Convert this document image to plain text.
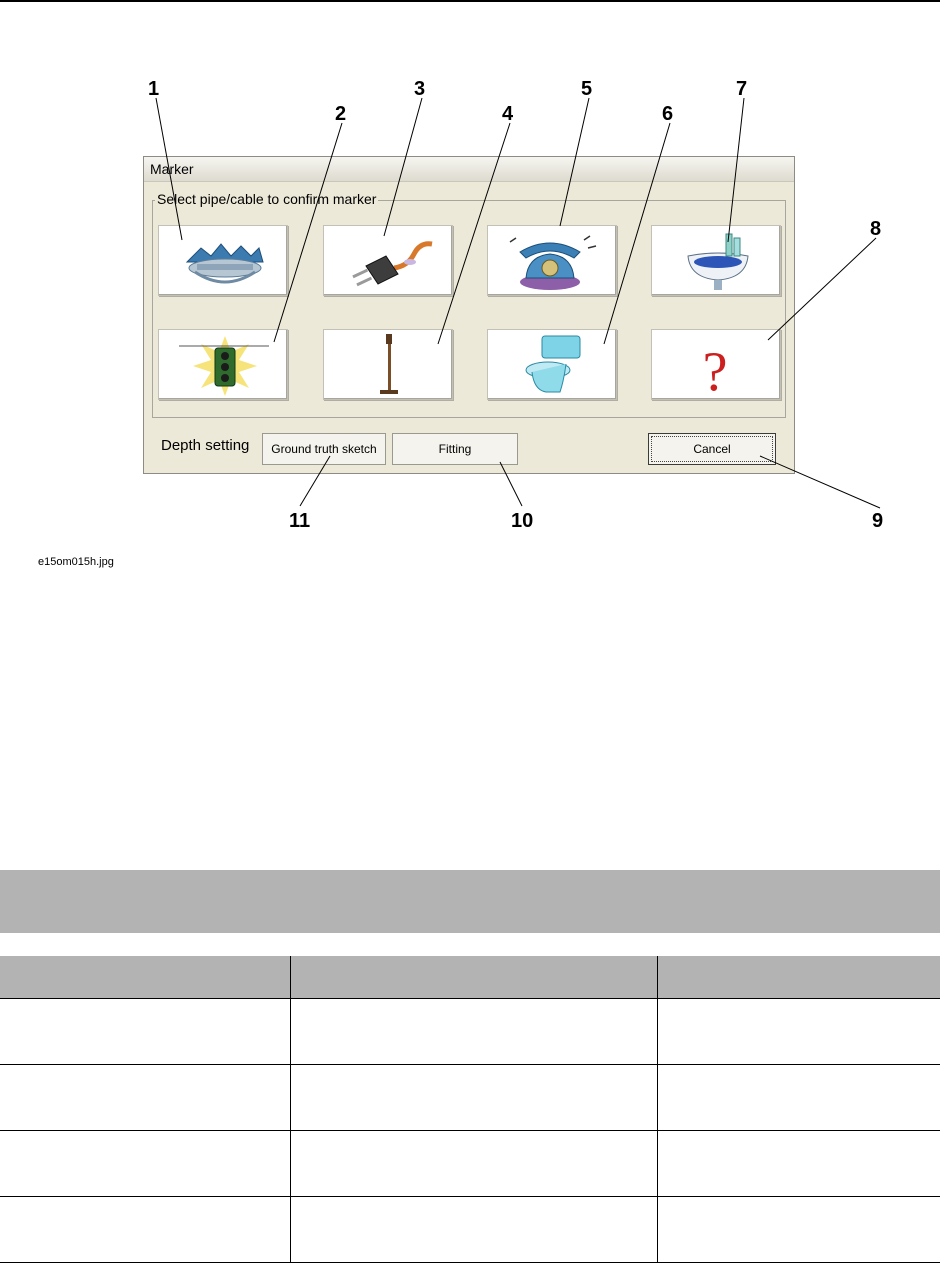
1	3	5	7
2	4	6
8
11	10	9
Marker
Select pipe/cable to confirm marker
?
Depth setting	Ground truth sketch	Fitting	Cancel
e15om015h.jpg
